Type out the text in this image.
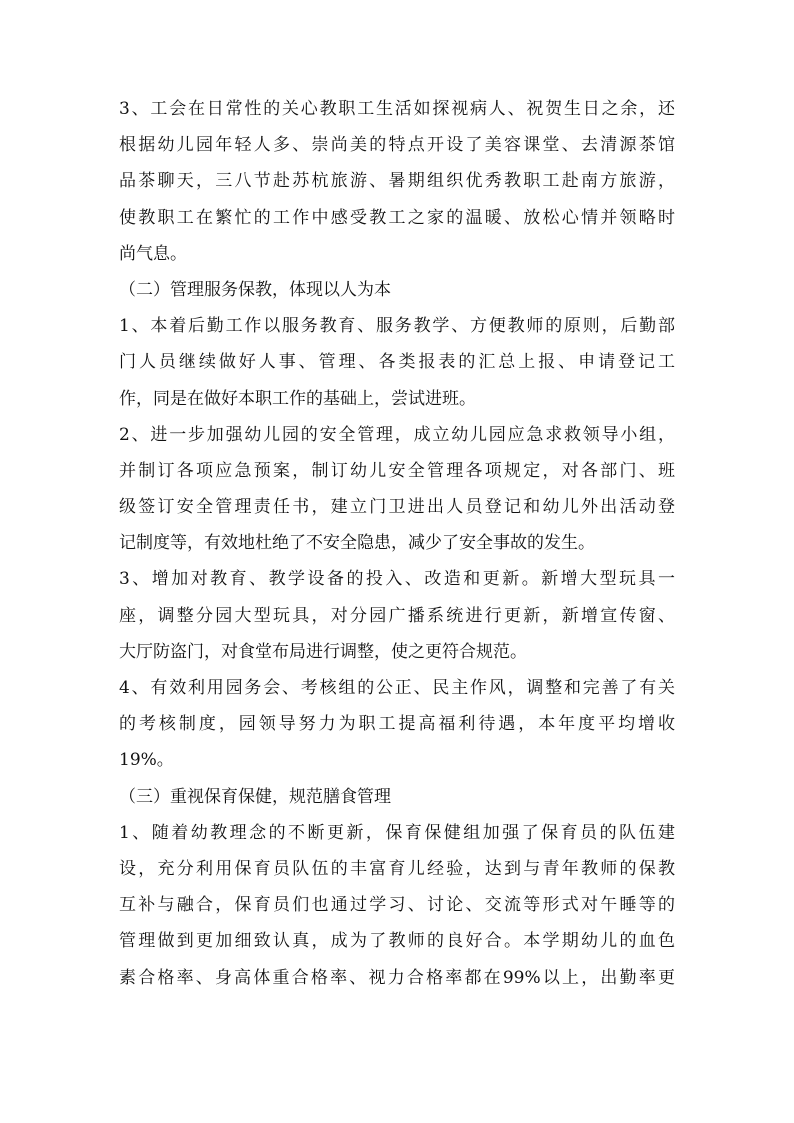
3、工会在日常性的关心教职工生活如探视病人、祝贺生日之余，还
根据幼儿园年轻人多、崇尚美的特点开设了美容课堂、去清源茶馆
品茶聊天，三八节赴苏杭旅游、暑期组织优秀教职工赴南方旅游，
使教职工在繁忙的工作中感受教工之家的温暖、放松心情并领略时
尚气息。
（二）管理服务保教，体现以人为本
1、本着后勤工作以服务教育、服务教学、方便教师的原则，后勤部
门人员继续做好人事、管理、各类报表的汇总上报、申请登记工
作，同是在做好本职工作的基础上，尝试进班。
2、进一步加强幼儿园的安全管理，成立幼儿园应急求救领导小组，
并制订各项应急预案，制订幼儿安全管理各项规定，对各部门、班
级签订安全管理责任书，建立门卫进出人员登记和幼儿外出活动登
记制度等，有效地杜绝了不安全隐患，减少了安全事故的发生。
3、增加对教育、教学设备的投入、改造和更新。新增大型玩具一
座，调整分园大型玩具，对分园广播系统进行更新，新增宣传窗、
大厅防盗门，对食堂布局进行调整，使之更符合规范。
4、有效利用园务会、考核组的公正、民主作风，调整和完善了有关
的考核制度，园领导努力为职工提高福利待遇，本年度平均增收
19%。
（三）重视保育保健，规范膳食管理
1、随着幼教理念的不断更新，保育保健组加强了保育员的队伍建
设，充分利用保育员队伍的丰富育儿经验，达到与青年教师的保教
互补与融合，保育员们也通过学习、讨论、交流等形式对午睡等的
管理做到更加细致认真，成为了教师的良好合。本学期幼儿的血色
素合格率、身高体重合格率、视力合格率都在99%以上，出勤率更
